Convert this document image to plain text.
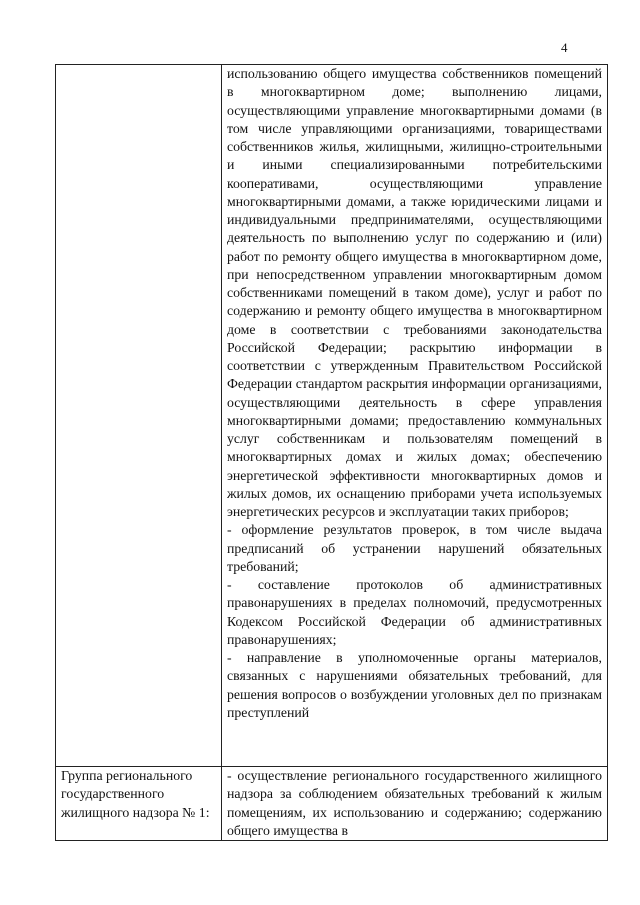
4

	использованию общего имущества собственников помещений в многоквартирном доме; выполнению лицами, осуществляющими управление многоквартирными домами (в том числе управляющими организациями, товариществами собственников жилья, жилищными, жилищно-строительными и иными специализированными потребительскими кооперативами, осуществляющими управление многоквартирными домами, а также юридическими лицами и индивидуальными предпринимателями, осуществляющими деятельность по выполнению услуг по содержанию и (или) работ по ремонту общего имущества в многоквартирном доме, при непосредственном управлении многоквартирным домом собственниками помещений в таком доме), услуг и работ по содержанию и ремонту общего имущества в многоквартирном доме в соответствии с требованиями законодательства Российской Федерации; раскрытию информации в соответствии с утвержденным Правительством Российской Федерации стандартом раскрытия информации организациями, осуществляющими деятельность в сфере управления многоквартирными домами; предоставлению коммунальных услуг собственникам и пользователям помещений в многоквартирных домах и жилых домах; обеспечению энергетической эффективности многоквартирных домов и жилых домов, их оснащению приборами учета используемых энергетических ресурсов и эксплуатации таких приборов;

- оформление результатов проверок, в том числе выдача предписаний об устранении нарушений обязательных требований;

- составление протоколов об административных правонарушениях в пределах полномочий, предусмотренных Кодексом Российской Федерации об административных правонарушениях;

- направление в уполномоченные органы материалов, связанных с нарушениями обязательных требований, для решения вопросов о возбуждении уголовных дел по признакам преступлений

Группа регионального государственного жилищного надзора № 1:	- осуществление регионального государственного жилищного надзора за соблюдением обязательных требований к жилым помещениям, их использованию и содержанию; содержанию общего имущества в
